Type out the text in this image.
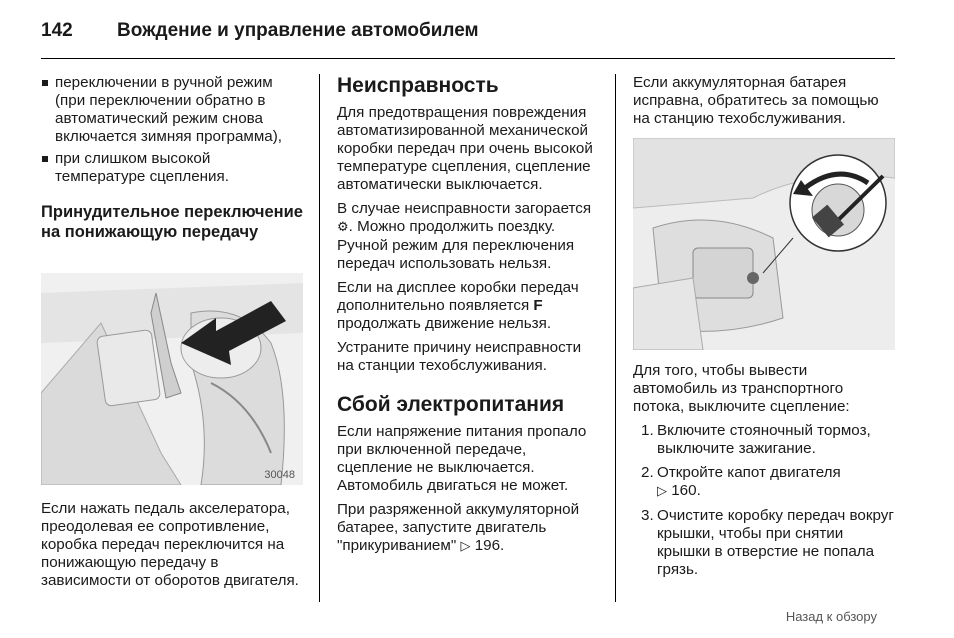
142 Вождение и управление автомобилем
переключении в ручной режим (при переключении обратно в автоматический режим снова включается зимняя программа),
при слишком высокой температуре сцепления.
Принудительное переключение на понижающую передачу
30048

Если нажать педаль акселератора, преодолевая ее сопротивление, коробка передач переключится на понижающую передачу в зависимости от оборотов двигателя.

Неисправность

Для предотвращения повреждения автоматизированной механической коробки передач при очень высокой температуре сцепления, сцепление автоматически выключается.

В случае неисправности загорается ⚙. Можно продолжить поездку. Ручной режим для переключения передач использовать нельзя.

Если на дисплее коробки передач дополнительно появляется F продолжать движение нельзя.

Устраните причину неисправности на станции техобслуживания.

Сбой электропитания

Если напряжение питания пропало при включенной передаче, сцепление не выключается. Автомобиль двигаться не может.

При разряженной аккумуляторной батарее, запустите двигатель "прикуриванием" ▷ 196.

Если аккумуляторная батарея исправна, обратитесь за помощью на станцию техобслуживания.

Для того, чтобы вывести автомобиль из транспортного потока, выключите сцепление:

1. Включите стояночный тормоз, выключите зажигание.
2. Откройте капот двигателя
▷ 160.
3. Очистите коробку передач вокруг крышки, чтобы при снятии крышки в отверстие не попала грязь.
Назад к обзору
